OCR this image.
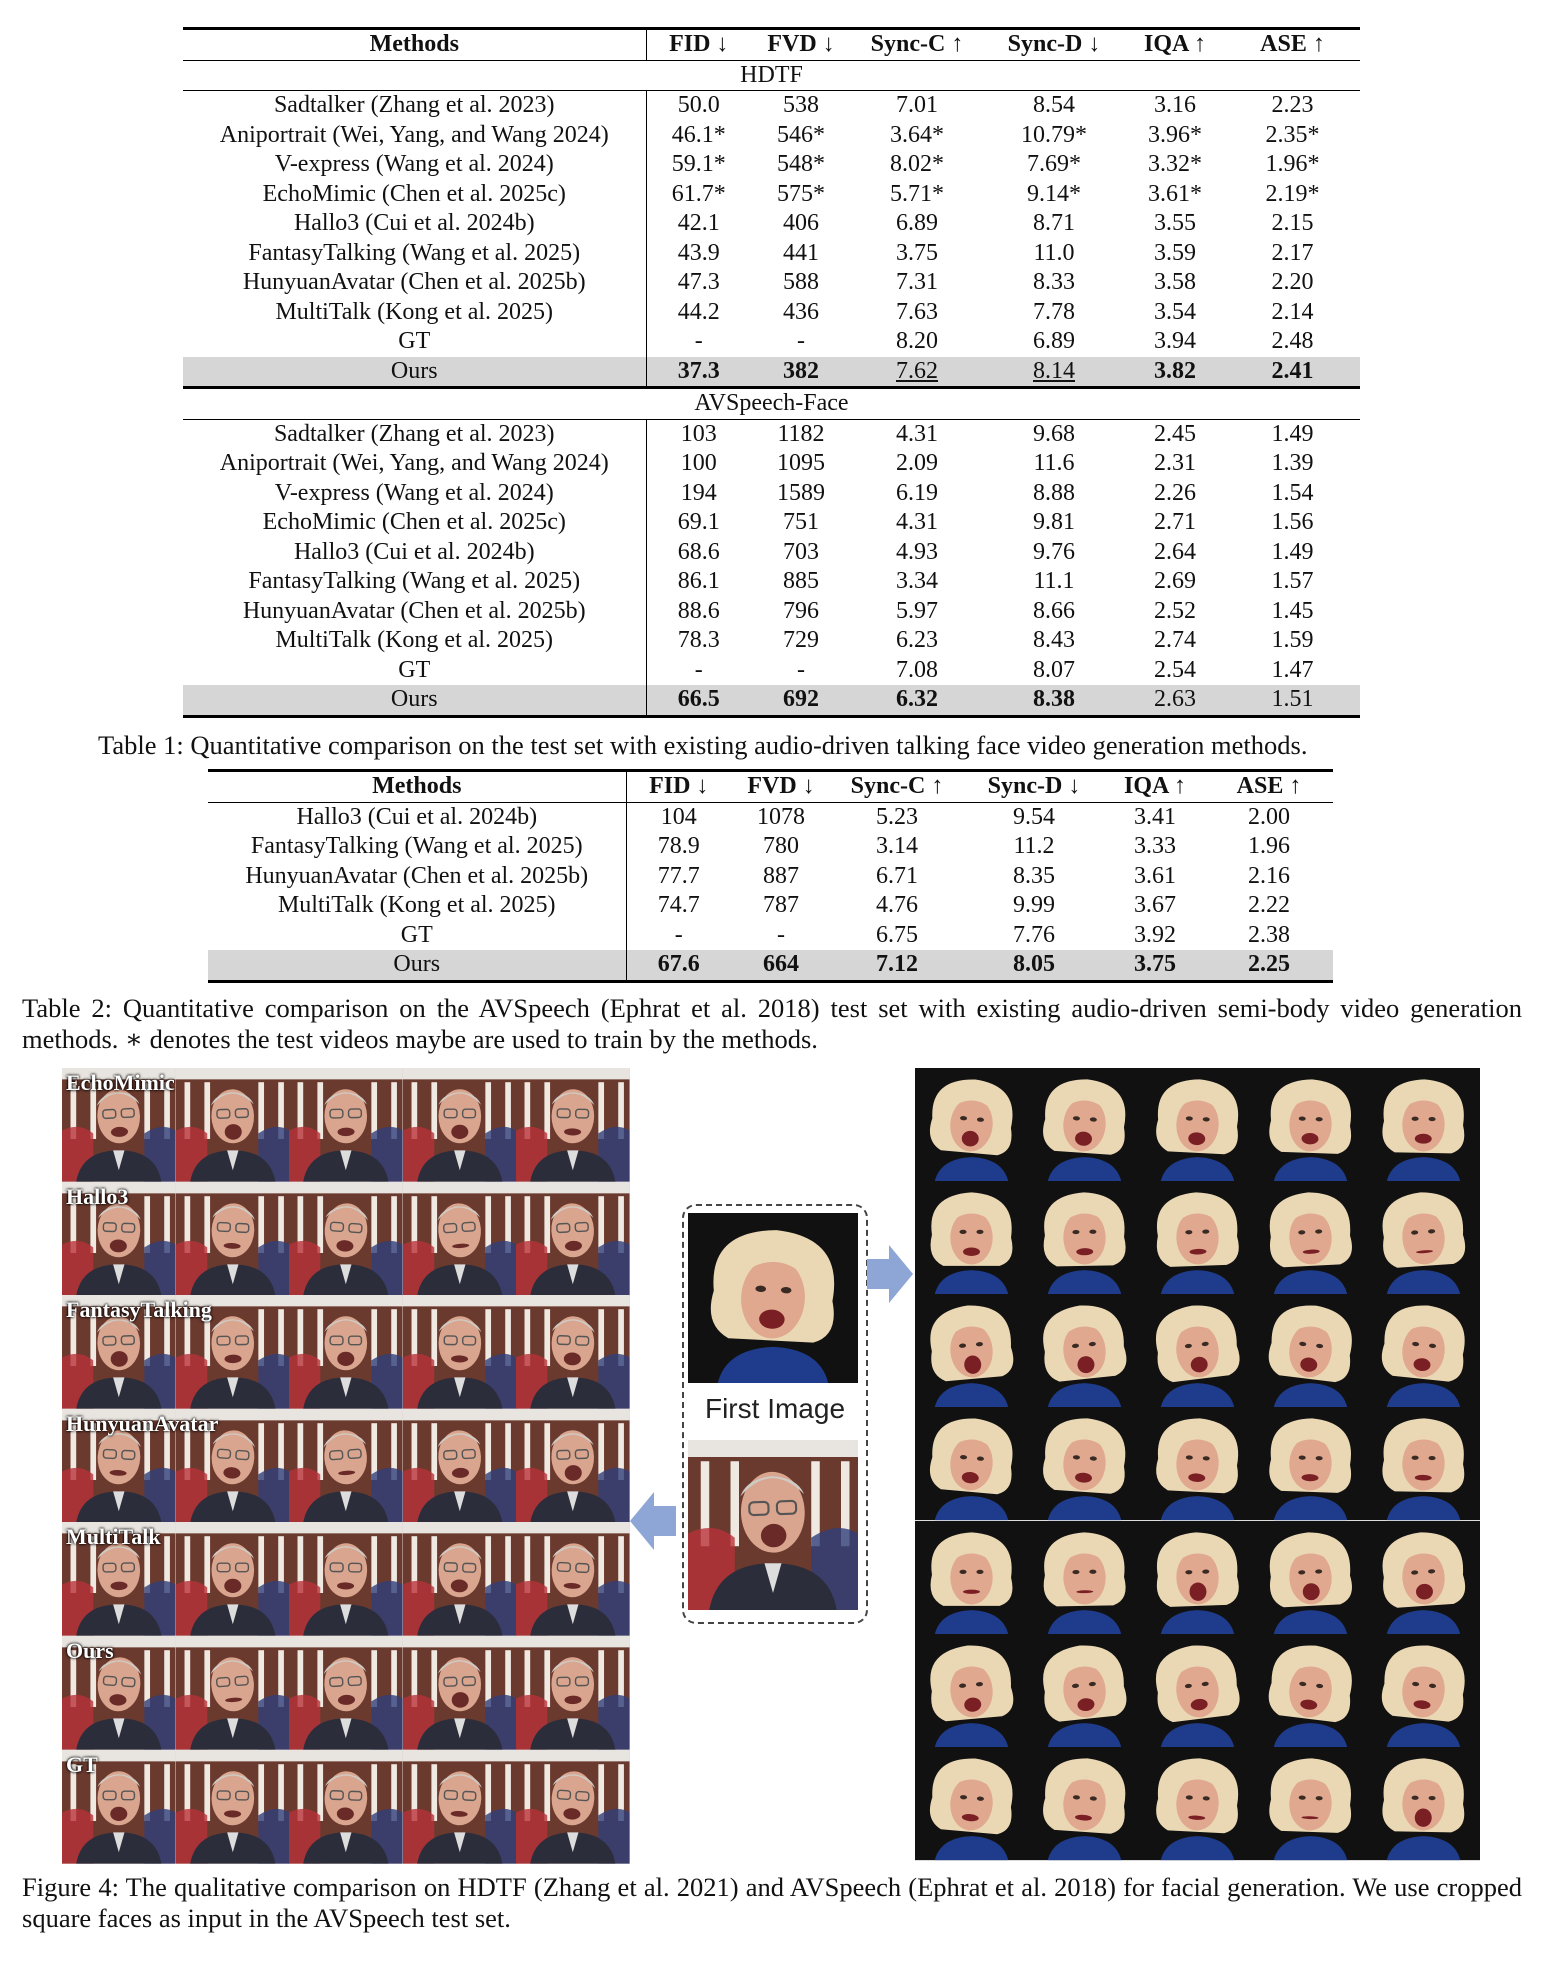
Methods	FID ↓	FVD ↓	Sync-C ↑	Sync-D ↓	IQA ↑	ASE ↑
HDTF						
Sadtalker (Zhang et al. 2023)	50.0	538	7.01	8.54	3.16	2.23
Aniportrait (Wei, Yang, and Wang 2024)	46.1*	546*	3.64*	10.79*	3.96*	2.35*
V-express (Wang et al. 2024)	59.1*	548*	8.02*	7.69*	3.32*	1.96*
EchoMimic (Chen et al. 2025c)	61.7*	575*	5.71*	9.14*	3.61*	2.19*
Hallo3 (Cui et al. 2024b)	42.1	406	6.89	8.71	3.55	2.15
FantasyTalking (Wang et al. 2025)	43.9	441	3.75	11.0	3.59	2.17
HunyuanAvatar (Chen et al. 2025b)	47.3	588	7.31	8.33	3.58	2.20
MultiTalk (Kong et al. 2025)	44.2	436	7.63	7.78	3.54	2.14
GT	-	-	8.20	6.89	3.94	2.48
Ours	37.3	382	7.62	8.14	3.82	2.41
AVSpeech-Face						
Sadtalker (Zhang et al. 2023)	103	1182	4.31	9.68	2.45	1.49
Aniportrait (Wei, Yang, and Wang 2024)	100	1095	2.09	11.6	2.31	1.39
V-express (Wang et al. 2024)	194	1589	6.19	8.88	2.26	1.54
EchoMimic (Chen et al. 2025c)	69.1	751	4.31	9.81	2.71	1.56
Hallo3 (Cui et al. 2024b)	68.6	703	4.93	9.76	2.64	1.49
FantasyTalking (Wang et al. 2025)	86.1	885	3.34	11.1	2.69	1.57
HunyuanAvatar (Chen et al. 2025b)	88.6	796	5.97	8.66	2.52	1.45
MultiTalk (Kong et al. 2025)	78.3	729	6.23	8.43	2.74	1.59
GT	-	-	7.08	8.07	2.54	1.47
Ours	66.5	692	6.32	8.38	2.63	1.51
Table 1: Quantitative comparison on the test set with existing audio-driven talking face video generation methods.
Methods	FID ↓	FVD ↓	Sync-C ↑	Sync-D ↓	IQA ↑	ASE ↑
Hallo3 (Cui et al. 2024b)	104	1078	5.23	9.54	3.41	2.00
FantasyTalking (Wang et al. 2025)	78.9	780	3.14	11.2	3.33	1.96
HunyuanAvatar (Chen et al. 2025b)	77.7	887	6.71	8.35	3.61	2.16
MultiTalk (Kong et al. 2025)	74.7	787	4.76	9.99	3.67	2.22
GT	-	-	6.75	7.76	3.92	2.38
Ours	67.6	664	7.12	8.05	3.75	2.25
Table 2: Quantitative comparison on the AVSpeech (Ephrat et al. 2018) test set with existing audio-driven semi-body video generation methods. ∗ denotes the test videos maybe are used to train by the methods.
EchoMimic
Hallo3
FantasyTalking
HunyuanAvatar
MultiTalk
Ours
GT
First Image
Figure 4: The qualitative comparison on HDTF (Zhang et al. 2021) and AVSpeech (Ephrat et al. 2018) for facial generation. We use cropped square faces as input in the AVSpeech test set.
